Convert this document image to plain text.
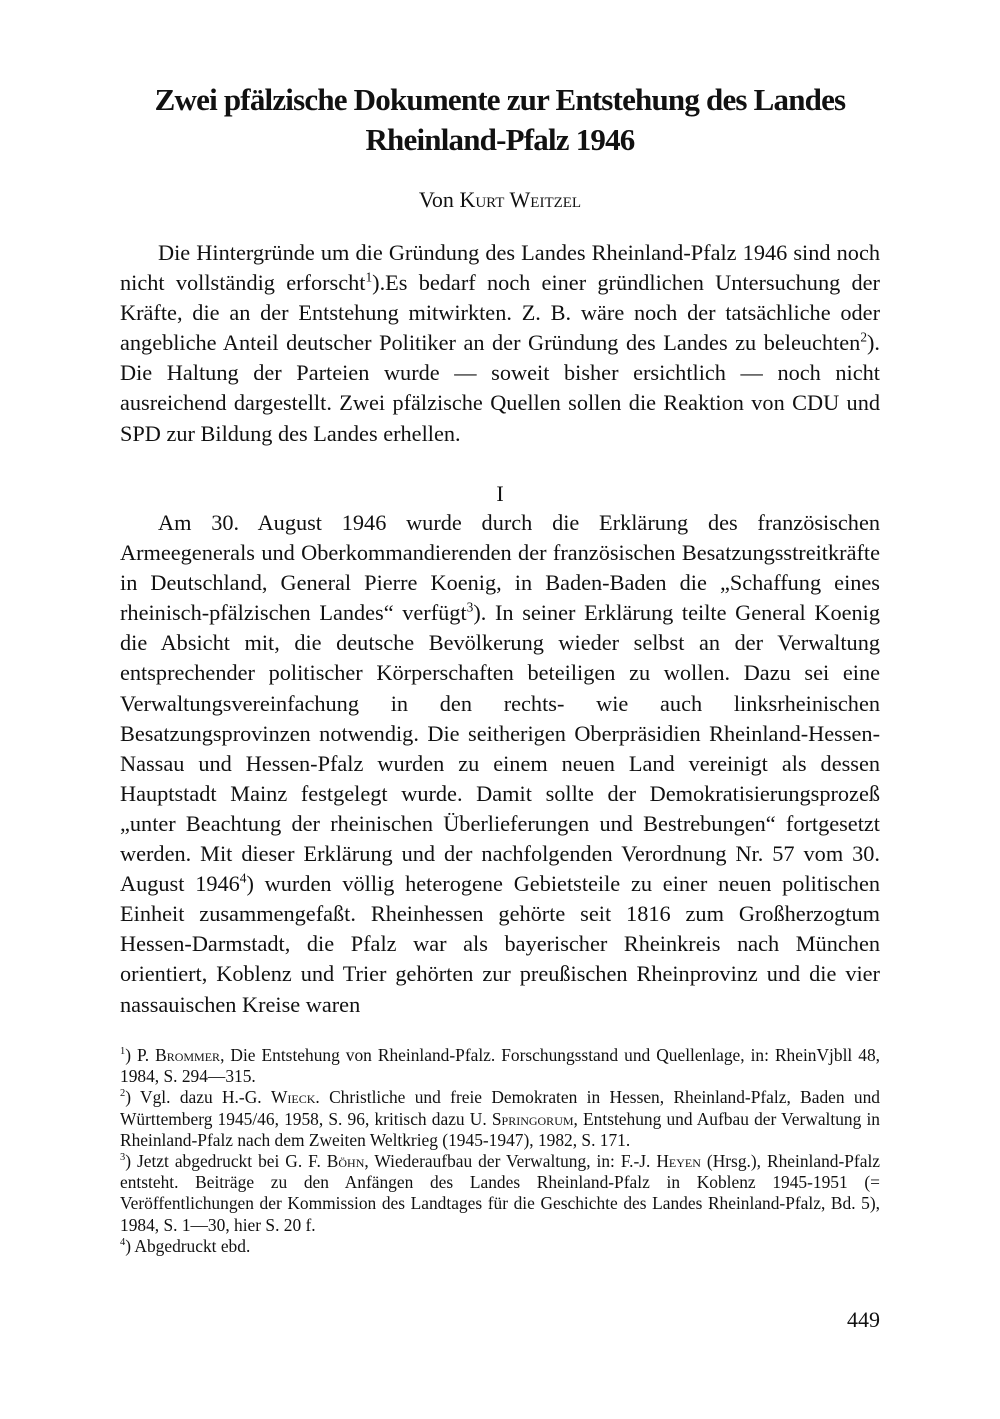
Zwei pfälzische Dokumente zur Entstehung des Landes
Rheinland-Pfalz 1946
Von Kurt Weitzel

Die Hintergründe um die Gründung des Landes Rheinland-Pfalz 1946 sind noch nicht vollständig erforscht$^1$).Es bedarf noch einer gründlichen Untersuchung der Kräfte, die an der Entstehung mitwirkten. Z. B. wäre noch der tatsächliche oder angebliche Anteil deutscher Politiker an der Gründung des Landes zu beleuchten$^2$). Die Haltung der Parteien wurde — soweit bisher ersichtlich — noch nicht ausreichend dargestellt. Zwei pfälzische Quellen sollen die Reaktion von CDU und SPD zur Bildung des Landes erhellen.

I

Am 30. August 1946 wurde durch die Erklärung des französischen Armeegenerals und Oberkommandierenden der französischen Besatzungsstreitkräfte in Deutschland, General Pierre Koenig, in Baden-Baden die „Schaffung eines rheinisch-pfälzischen Landes“ verfügt$^3$). In seiner Erklärung teilte General Koenig die Absicht mit, die deutsche Bevölkerung wieder selbst an der Verwaltung entsprechender politischer Körperschaften beteiligen zu wollen. Dazu sei eine Verwaltungsvereinfachung in den rechts- wie auch linksrheinischen Besatzungsprovinzen notwendig. Die seitherigen Oberpräsidien Rheinland-Hessen-Nassau und Hessen-Pfalz wurden zu einem neuen Land vereinigt als dessen Hauptstadt Mainz festgelegt wurde. Damit sollte der Demokratisierungsprozeß „unter Beachtung der rheinischen Überlieferungen und Bestrebungen“ fortgesetzt werden. Mit dieser Erklärung und der nachfolgenden Verordnung Nr. 57 vom 30. August 1946$^4$) wurden völlig heterogene Gebietsteile zu einer neuen politischen Einheit zusammengefaßt. Rheinhessen gehörte seit 1816 zum Großherzogtum Hessen-Darmstadt, die Pfalz war als bayerischer Rheinkreis nach München orientiert, Koblenz und Trier gehörten zur preußischen Rheinprovinz und die vier nassauischen Kreise waren

$^1$) P. Brommer, Die Entstehung von Rheinland-Pfalz. Forschungsstand und Quellenlage, in: RheinVjbll 48, 1984, S. 294—315.

$^2$) Vgl. dazu H.-G. Wieck. Christliche und freie Demokraten in Hessen, Rheinland-Pfalz, Baden und Württemberg 1945/46, 1958, S. 96, kritisch dazu U. Springorum, Entstehung und Aufbau der Verwaltung in Rheinland-Pfalz nach dem Zweiten Weltkrieg (1945-1947), 1982, S. 171.

$^3$) Jetzt abgedruckt bei G. F. Böhn, Wiederaufbau der Verwaltung, in: F.-J. Heyen (Hrsg.), Rheinland-Pfalz entsteht. Beiträge zu den Anfängen des Landes Rheinland-Pfalz in Koblenz 1945-1951 (= Veröffentlichungen der Kommission des Landtages für die Geschichte des Landes Rheinland-Pfalz, Bd. 5), 1984, S. 1—30, hier S. 20 f.

$^4$) Abgedruckt ebd.

449
